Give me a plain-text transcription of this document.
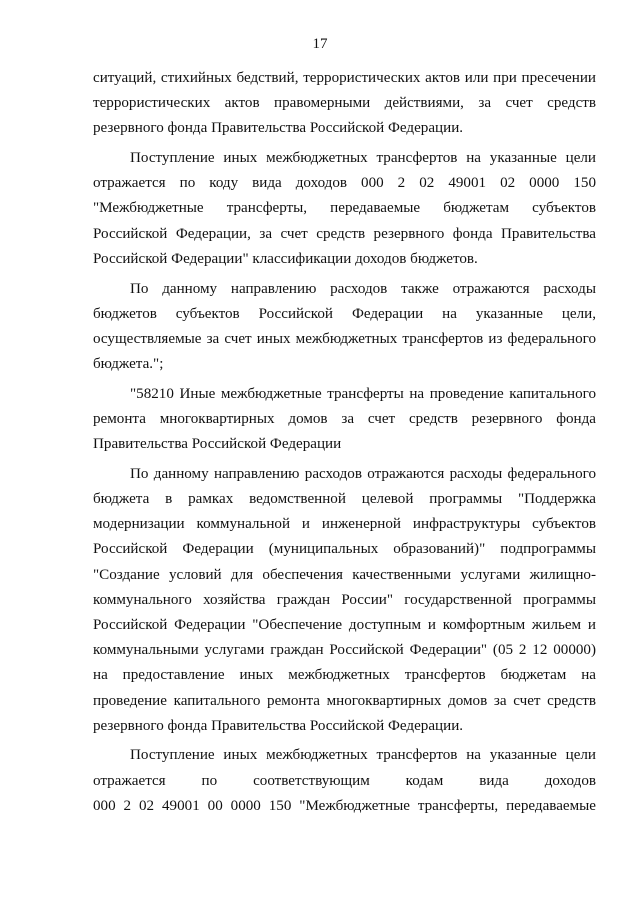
17
ситуаций, стихийных бедствий, террористических актов или при пресечении
террористических актов правомерными действиями, за счет средств
резервного фонда Правительства Российской Федерации.
Поступление иных межбюджетных трансфертов на указанные цели
отражается по коду вида доходов 000 2 02 49001 02 0000 150
"Межбюджетные трансферты, передаваемые бюджетам субъектов
Российской Федерации, за счет средств резервного фонда Правительства
Российской Федерации" классификации доходов бюджетов.
По данному направлению расходов также отражаются расходы
бюджетов субъектов Российской Федерации на указанные цели,
осуществляемые за счет иных межбюджетных трансфертов из федерального
бюджета.";
"58210 Иные межбюджетные трансферты на проведение капитального
ремонта многоквартирных домов за счет средств резервного фонда
Правительства Российской Федерации
По данному направлению расходов отражаются расходы федерального
бюджета в рамках ведомственной целевой программы "Поддержка
модернизации коммунальной и инженерной инфраструктуры субъектов
Российской Федерации (муниципальных образований)" подпрограммы
"Создание условий для обеспечения качественными услугами жилищно-
коммунального хозяйства граждан России" государственной программы
Российской Федерации "Обеспечение доступным и комфортным жильем и
коммунальными услугами граждан Российской Федерации" (05 2 12 00000)
на предоставление иных межбюджетных трансфертов бюджетам на
проведение капитального ремонта многоквартирных домов за счет средств
резервного фонда Правительства Российской Федерации.
Поступление иных межбюджетных трансфертов на указанные цели
отражается по соответствующим кодам вида доходов
000 2 02 49001 00 0000 150 "Межбюджетные трансферты, передаваемые
